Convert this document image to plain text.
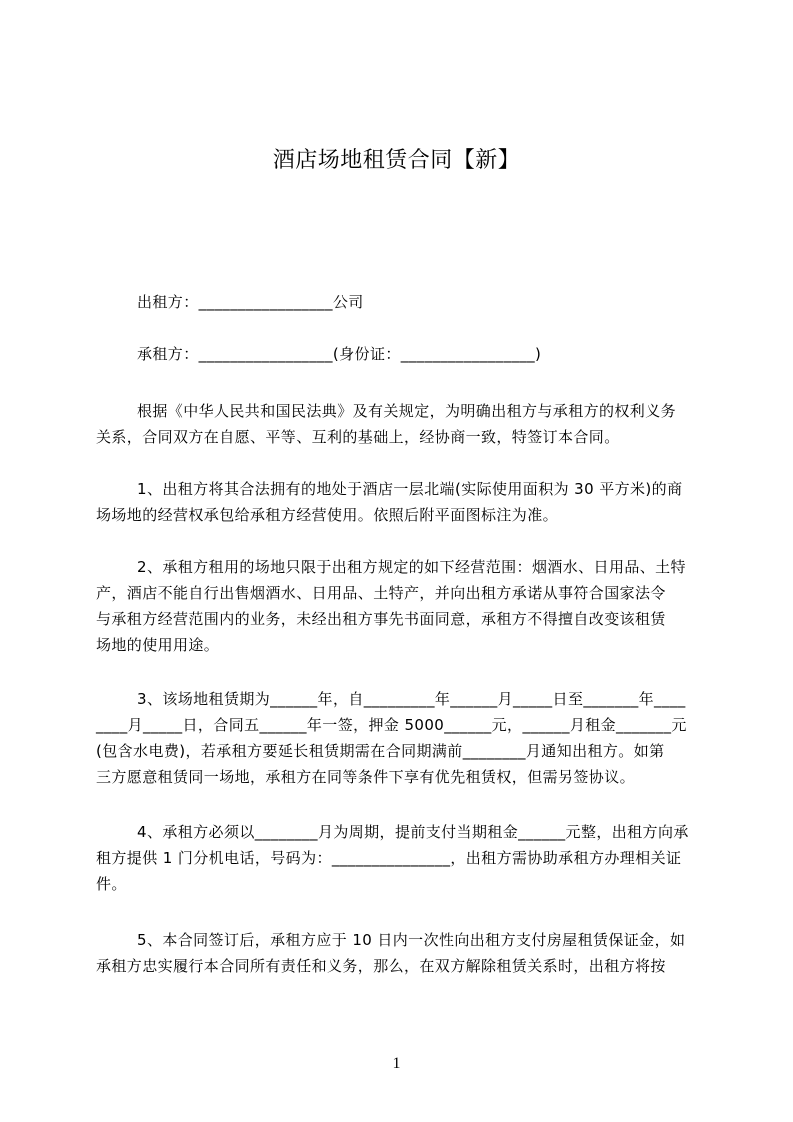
酒店场地租赁合同【新】
出租方：_________________公司
承租方：_________________(身份证：_________________)
根据《中华人民共和国民法典》及有关规定，为明确出租方与承租方的权利义务
关系，合同双方在自愿、平等、互利的基础上，经协商一致，特签订本合同。
1、出租方将其合法拥有的地处于酒店一层北端(实际使用面积为 30 平方米)的商
场场地的经营权承包给承租方经营使用。依照后附平面图标注为准。
2、承租方租用的场地只限于出租方规定的如下经营范围：烟酒水、日用品、土特
产，酒店不能自行出售烟酒水、日用品、土特产，并向出租方承诺从事符合国家法令
与承租方经营范围内的业务，未经出租方事先书面同意，承租方不得擅自改变该租赁
场地的使用用途。
3、该场地租赁期为______年，自_________年______月_____日至_______年____
____月_____日，合同五______年一签，押金 5000______元，______月租金_______元
(包含水电费)，若承租方要延长租赁期需在合同期满前________月通知出租方。如第
三方愿意租赁同一场地，承租方在同等条件下享有优先租赁权，但需另签协议。
4、承租方必须以________月为周期，提前支付当期租金______元整，出租方向承
租方提供 1 门分机电话，号码为：_______________，出租方需协助承租方办理相关证
件。
5、本合同签订后，承租方应于 10 日内一次性向出租方支付房屋租赁保证金，如
承租方忠实履行本合同所有责任和义务，那么，在双方解除租赁关系时，出租方将按
1
